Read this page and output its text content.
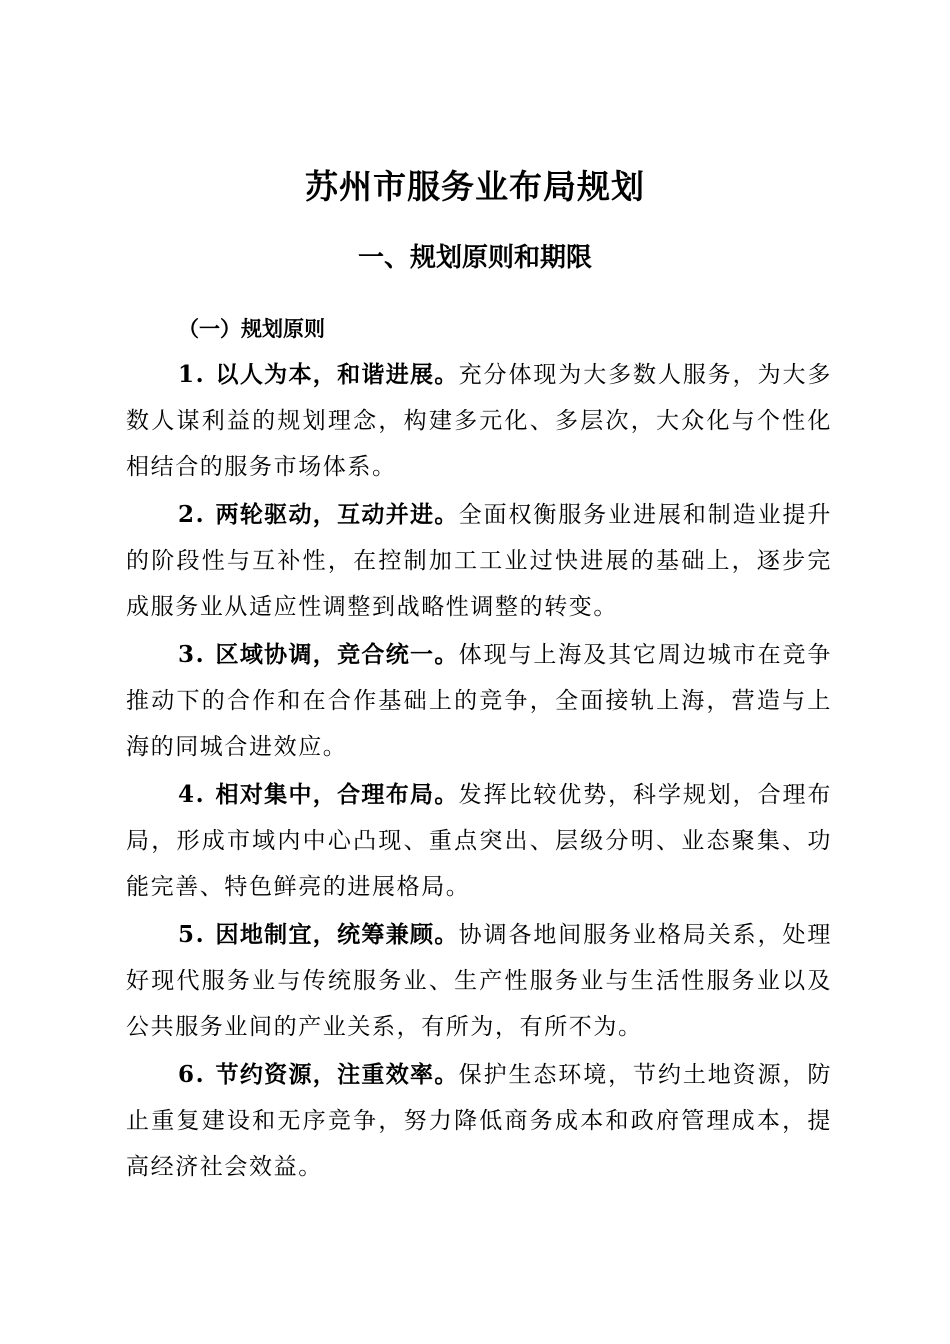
苏州市服务业布局规划
一、规划原则和期限
（一）规划原则

1. 以人为本，和谐进展。充分体现为大多数人服务，为大多数人谋利益的规划理念，构建多元化、多层次，大众化与个性化相结合的服务市场体系。

2. 两轮驱动，互动并进。全面权衡服务业进展和制造业提升的阶段性与互补性，在控制加工工业过快进展的基础上，逐步完成服务业从适应性调整到战略性调整的转变。

3. 区域协调，竞合统一。体现与上海及其它周边城市在竞争推动下的合作和在合作基础上的竞争，全面接轨上海，营造与上海的同城合进效应。

4. 相对集中，合理布局。发挥比较优势，科学规划，合理布局，形成市域内中心凸现、重点突出、层级分明、业态聚集、功能完善、特色鲜亮的进展格局。

5. 因地制宜，统筹兼顾。协调各地间服务业格局关系，处理好现代服务业与传统服务业、生产性服务业与生活性服务业以及公共服务业间的产业关系，有所为，有所不为。

6. 节约资源，注重效率。保护生态环境，节约土地资源，防止重复建设和无序竞争，努力降低商务成本和政府管理成本，提高经济社会效益。
